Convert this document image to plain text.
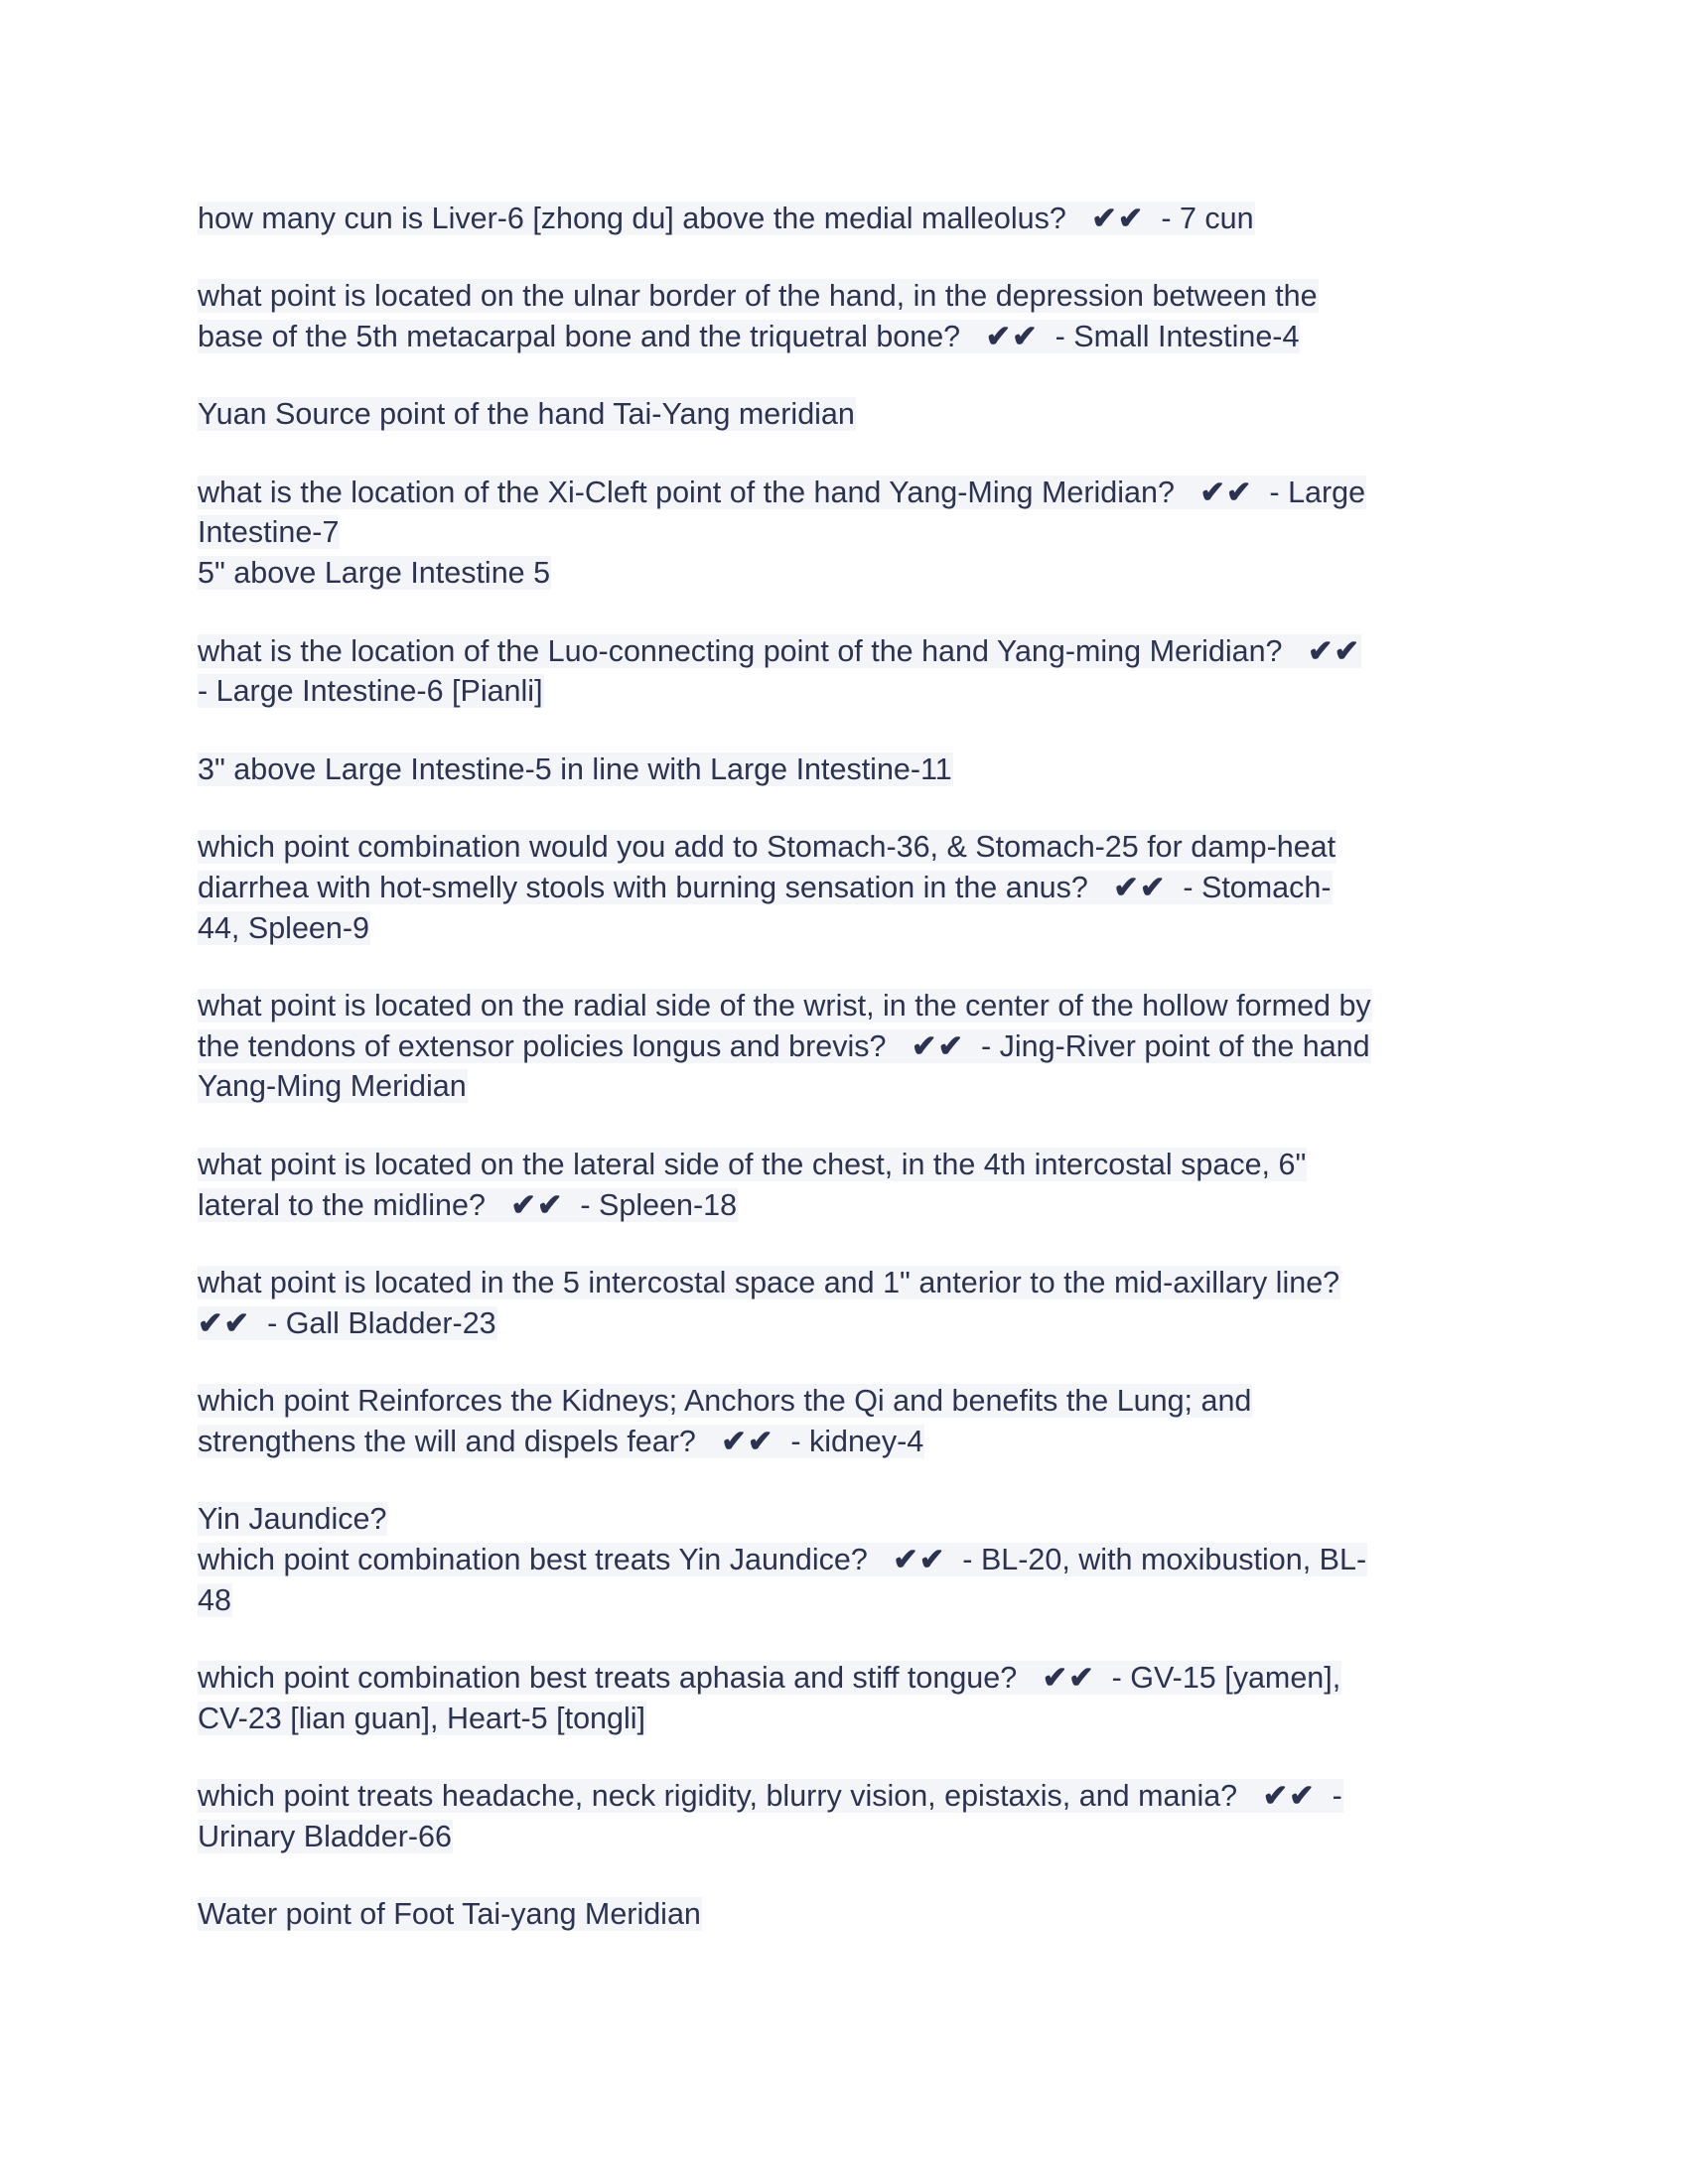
how many cun is Liver-6 [zhong du] above the medial malleolus?   ✔✔  - 7 cun
what point is located on the ulnar border of the hand, in the depression between the
base of the 5th metacarpal bone and the triquetral bone?   ✔✔  - Small Intestine-4
Yuan Source point of the hand Tai-Yang meridian
what is the location of the Xi-Cleft point of the hand Yang-Ming Meridian?   ✔✔  - Large
Intestine-7
5" above Large Intestine 5
what is the location of the Luo-connecting point of the hand Yang-ming Meridian?   ✔✔
- Large Intestine-6 [Pianli]
3" above Large Intestine-5 in line with Large Intestine-11
which point combination would you add to Stomach-36, & Stomach-25 for damp-heat
diarrhea with hot-smelly stools with burning sensation in the anus?   ✔✔  - Stomach-
44, Spleen-9
what point is located on the radial side of the wrist, in the center of the hollow formed by
the tendons of extensor policies longus and brevis?   ✔✔  - Jing-River point of the hand
Yang-Ming Meridian
what point is located on the lateral side of the chest, in the 4th intercostal space, 6"
lateral to the midline?   ✔✔  - Spleen-18
what point is located in the 5 intercostal space and 1" anterior to the mid-axillary line?
✔✔  - Gall Bladder-23
which point Reinforces the Kidneys; Anchors the Qi and benefits the Lung; and
strengthens the will and dispels fear?   ✔✔  - kidney-4
Yin Jaundice?
which point combination best treats Yin Jaundice?   ✔✔  - BL-20, with moxibustion, BL-
48
which point combination best treats aphasia and stiff tongue?   ✔✔  - GV-15 [yamen],
CV-23 [lian guan], Heart-5 [tongli]
which point treats headache, neck rigidity, blurry vision, epistaxis, and mania?   ✔✔  -
Urinary Bladder-66
Water point of Foot Tai-yang Meridian
